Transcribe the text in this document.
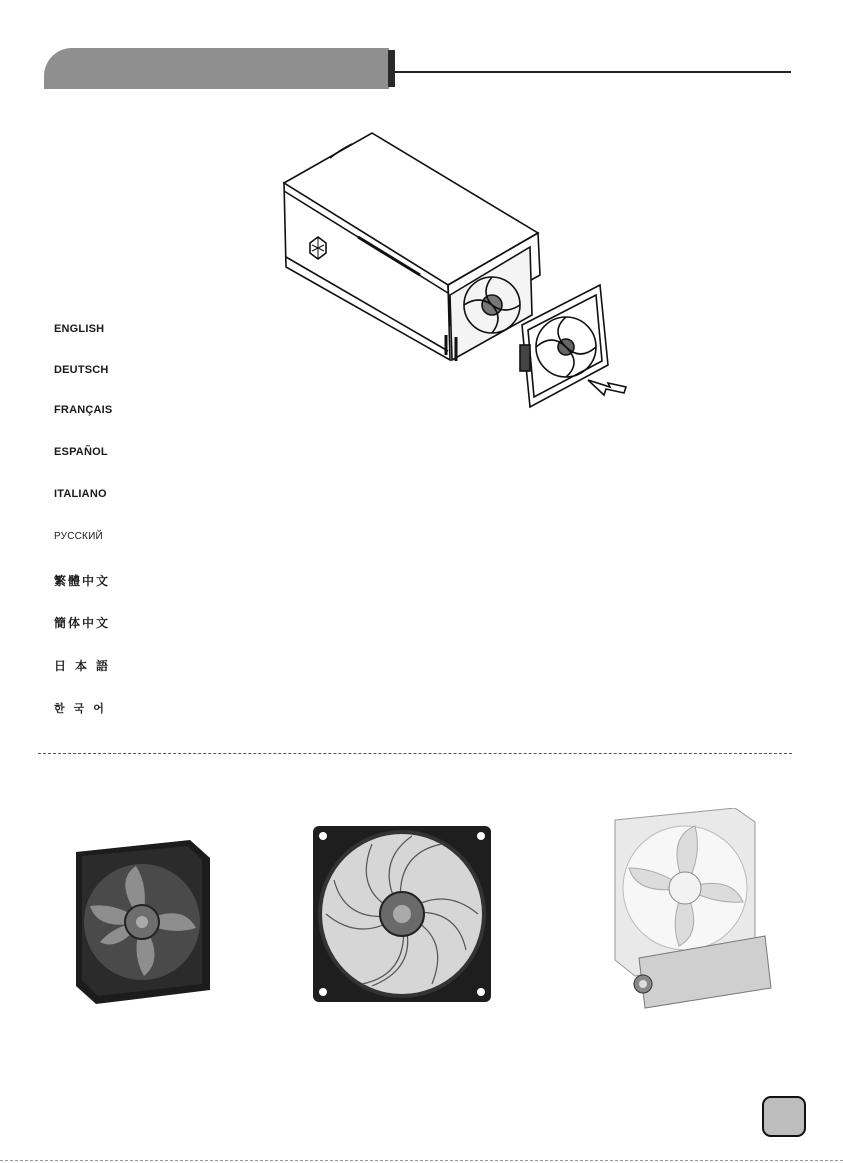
ENGLISH
DEUTSCH
FRANÇAIS
ESPAÑOL
ITALIANO
РУССКИЙ
繁體中文
簡体中文
日本語
한국어
